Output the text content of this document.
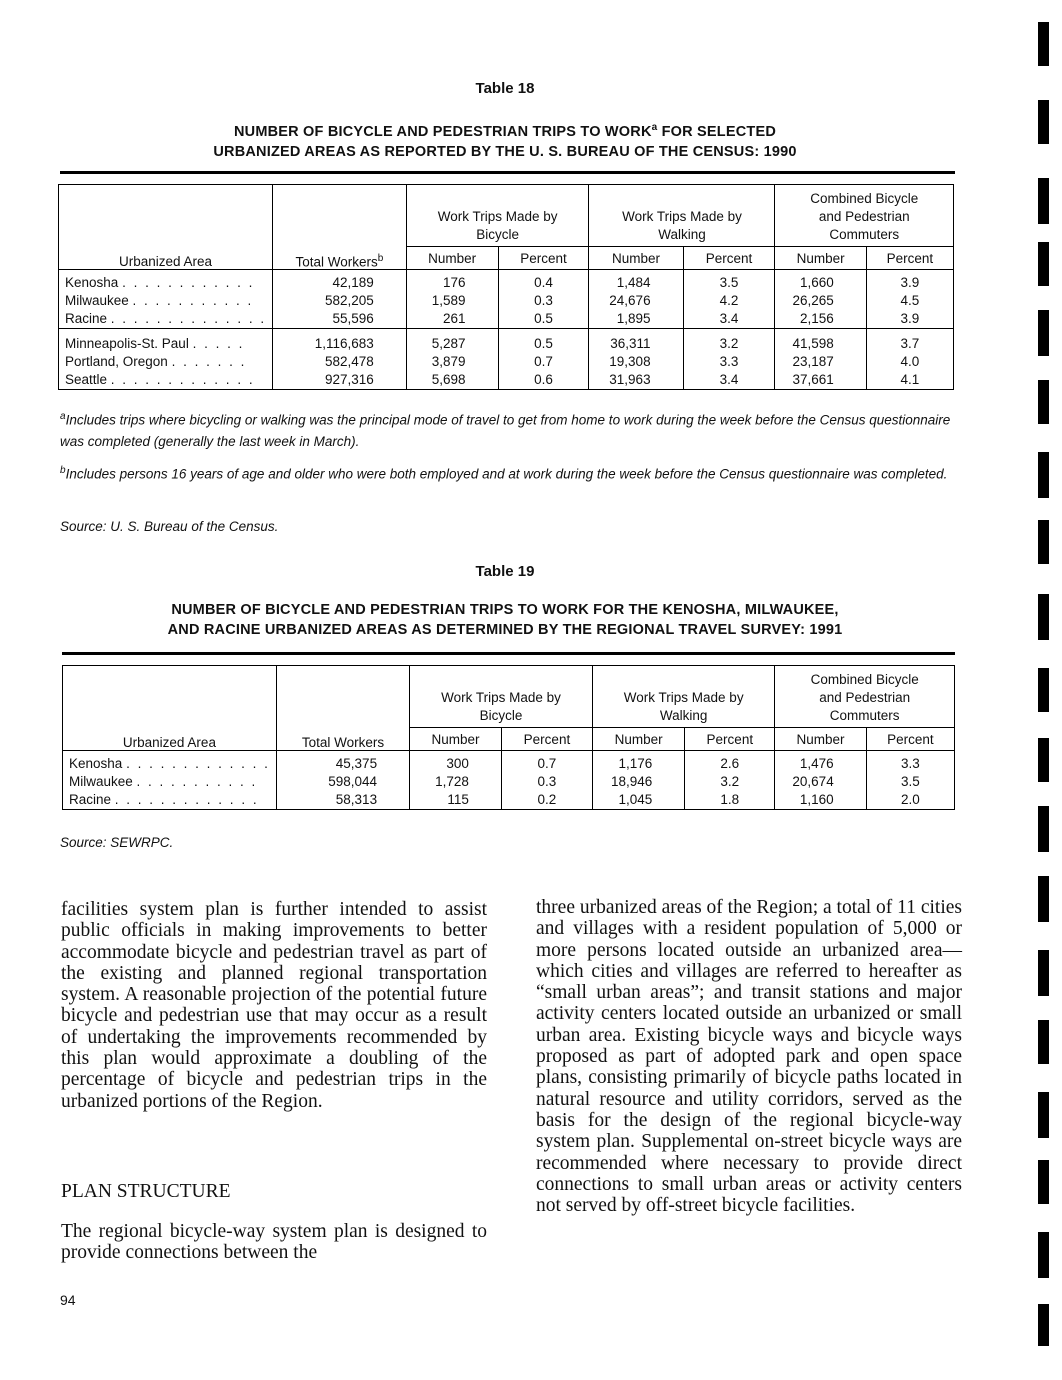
Table 18
NUMBER OF BICYCLE AND PEDESTRIAN TRIPS TO WORK$^a$ FOR SELECTED
URBANIZED AREAS AS REPORTED BY THE U. S. BUREAU OF THE CENSUS: 1990
		Work Trips Made by Bicycle		Work Trips Made by Walking		Combined Bicycle and Pedestrian Commuters	
Urbanized Area	Total Workers$^b$	Number	Percent	Number	Percent	Number	Percent

Kenosha . . . . . . . . . . . .	42,189	176	0.4	1,484	3.5	1,660	3.9
Milwaukee . . . . . . . . . . .	582,205	1,589	0.3	24,676	4.2	26,265	4.5
Racine . . . . . . . . . . . . . .	55,596	261	0.5	1,895	3.4	2,156	3.9

Minneapolis-St. Paul . . . . .	1,116,683	5,287	0.5	36,311	3.2	41,598	3.7
Portland, Oregon . . . . . . .	582,478	3,879	0.7	19,308	3.3	23,187	4.0
Seattle . . . . . . . . . . . . .	927,316	5,698	0.6	31,963	3.4	37,661	4.1
$^a$Includes trips where bicycling or walking was the principal mode of travel to get from home to work during the week before the Census questionnaire was completed (generally the last week in March).
$^b$Includes persons 16 years of age and older who were both employed and at work during the week before the Census questionnaire was completed.
Source: U. S. Bureau of the Census.
Table 19
NUMBER OF BICYCLE AND PEDESTRIAN TRIPS TO WORK FOR THE KENOSHA, MILWAUKEE,
AND RACINE URBANIZED AREAS AS DETERMINED BY THE REGIONAL TRAVEL SURVEY: 1991
		Work Trips Made by Bicycle		Work Trips Made by Walking		Combined Bicycle and Pedestrian Commuters	
Urbanized Area	Total Workers	Number	Percent	Number	Percent	Number	Percent

Kenosha . . . . . . . . . . . . .	45,375	300	0.7	1,176	2.6	1,476	3.3
Milwaukee . . . . . . . . . . .	598,044	1,728	0.3	18,946	3.2	20,674	3.5
Racine . . . . . . . . . . . . .	58,313	115	0.2	1,045	1.8	1,160	2.0
Source: SEWRPC.
facilities system plan is further intended to assist public officials in making improvements to better accommodate bicycle and pedestrian travel as part of the existing and planned regional transportation system. A reasonable projection of the potential future bicycle and pedestrian use that may occur as a result of undertaking the improvements recommended by this plan would approximate a doubling of the percentage of bicycle and pedestrian trips in the urbanized portions of the Region.
PLAN STRUCTURE
The regional bicycle-way system plan is designed to provide connections between the
three urbanized areas of the Region; a total of 11 cities and villages with a resident population of 5,000 or more persons located outside an urbanized area—which cities and villages are referred to hereafter as “small urban areas”; and transit stations and major activity centers located outside an urbanized or small urban area. Existing bicycle ways and bicycle ways proposed as part of adopted park and open space plans, consisting primarily of bicycle paths located in natural resource and utility corridors, served as the basis for the design of the regional bicycle-way system plan. Supplemental on-street bicycle ways are recommended where necessary to provide direct connections to small urban areas or activity centers not served by off-street bicycle facilities.
94
